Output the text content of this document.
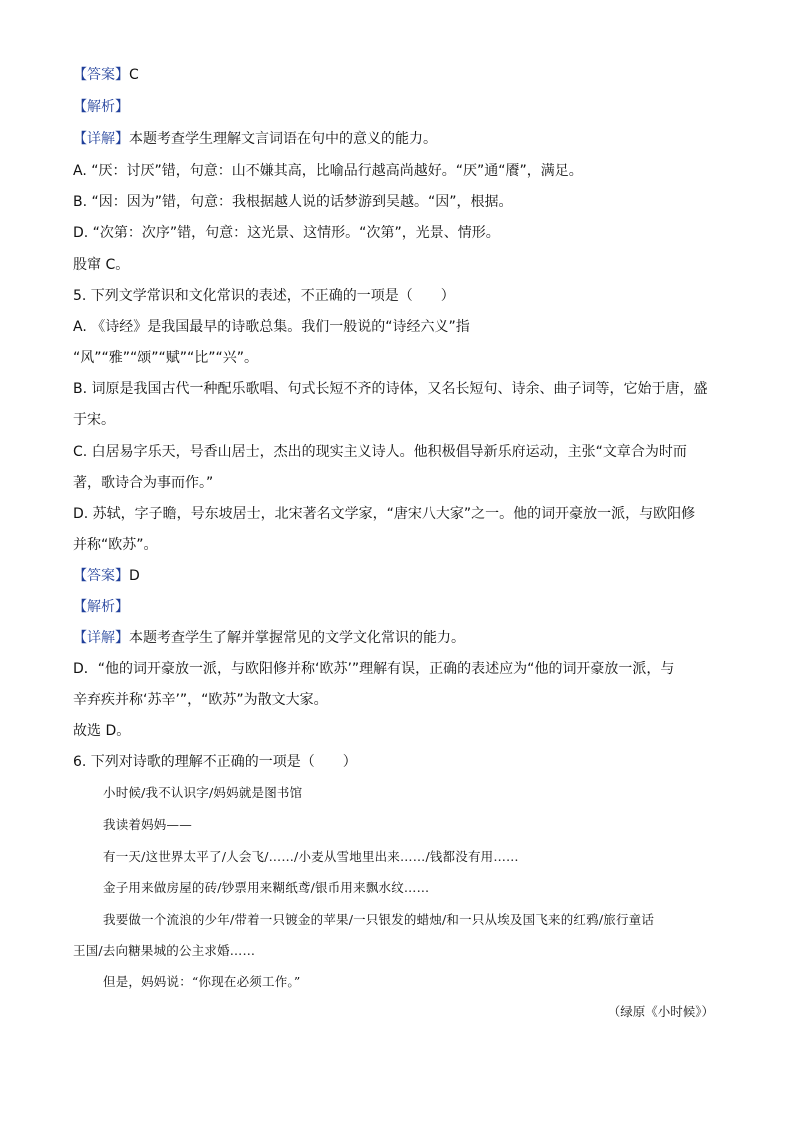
【答案】C
【解析】
【详解】本题考查学生理解文言词语在句中的意义的能力。
A. “厌：讨厌”错，句意：山不嫌其高，比喻品行越高尚越好。“厌”通“餍”，满足。
B. “因：因为”错，句意：我根据越人说的话梦游到吴越。“因”，根据。
D. “次第：次序”错，句意：这光景、这情形。“次第”，光景、情形。
股窜 C。
5. 下列文学常识和文化常识的表述，不正确的一项是（　　）
A. 《诗经》是我国最早的诗歌总集。我们一般说的“诗经六义”指
“风”“雅”“颂”“赋”“比”“兴”。
B. 词原是我国古代一种配乐歌唱、句式长短不齐的诗体，又名长短句、诗余、曲子词等，它始于唐，盛
于宋。
C. 白居易字乐天，号香山居士，杰出的现实主义诗人。他积极倡导新乐府运动，主张“文章合为时而
著，歌诗合为事而作。”
D. 苏轼，字子瞻，号东坡居士，北宋著名文学家，“唐宋八大家”之一。他的词开豪放一派，与欧阳修
并称“欧苏”。
【答案】D
【解析】
【详解】本题考查学生了解并掌握常见的文学文化常识的能力。
D．“他的词开豪放一派，与欧阳修并称‘欧苏’”理解有误，正确的表述应为“他的词开豪放一派，与
辛弃疾并称‘苏辛’”，“欧苏”为散文大家。
故选 D。
6. 下列对诗歌的理解不正确的一项是（　　）
小时候/我不认识字/妈妈就是图书馆
我读着妈妈——
有一天/这世界太平了/人会飞/……/小麦从雪地里出来……/钱都没有用……
金子用来做房屋的砖/钞票用来糊纸鸢/银币用来飘水纹……
我要做一个流浪的少年/带着一只镀金的苹果/一只银发的蜡烛/和一只从埃及国飞来的红鸦/旅行童话
王国/去向糖果城的公主求婚……
但是，妈妈说：“你现在必须工作。”
（绿原《小时候》）
